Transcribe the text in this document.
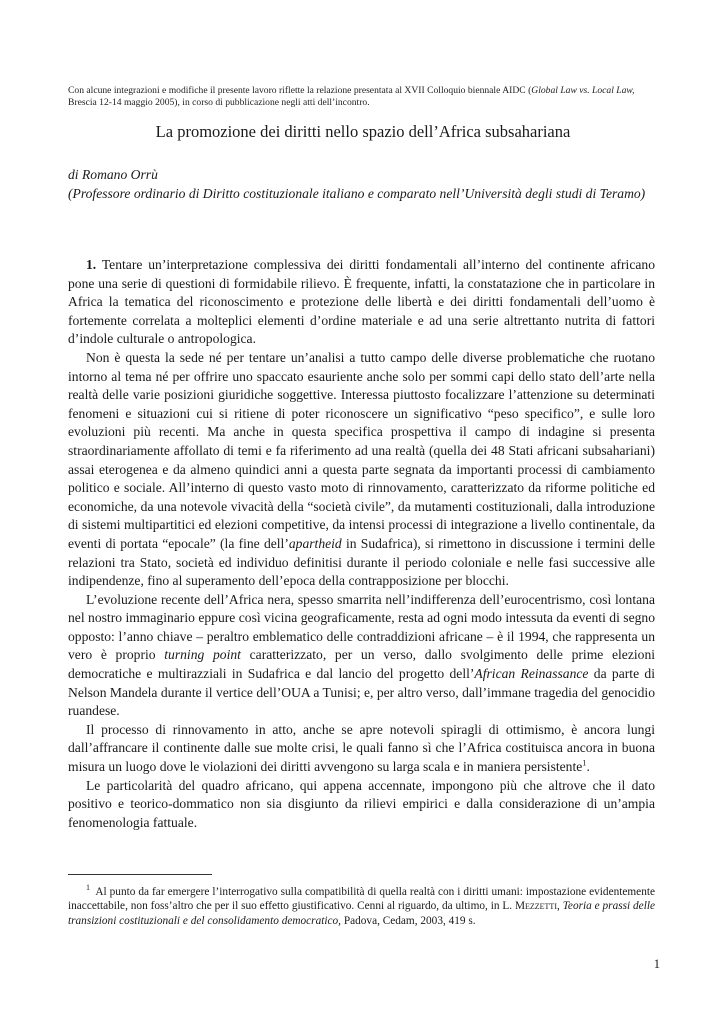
Con alcune integrazioni e modifiche il presente lavoro riflette la relazione presentata al XVII Colloquio biennale AIDC (Global Law vs. Local Law, Brescia 12-14 maggio 2005), in corso di pubblicazione negli atti dell’incontro.
La promozione dei diritti nello spazio dell’Africa subsahariana
di Romano Orrù
(Professore ordinario di Diritto costituzionale italiano e comparato nell’Università degli studi di Teramo)

1. Tentare un’interpretazione complessiva dei diritti fondamentali all’interno del continente africano pone una serie di questioni di formidabile rilievo. È frequente, infatti, la constatazione che in particolare in Africa la tematica del riconoscimento e protezione delle libertà e dei diritti fondamentali dell’uomo è fortemente correlata a molteplici elementi d’ordine materiale e ad una serie altrettanto nutrita di fattori d’indole culturale o antropologica.

Non è questa la sede né per tentare un’analisi a tutto campo delle diverse problematiche che ruotano intorno al tema né per offrire uno spaccato esauriente anche solo per sommi capi dello stato dell’arte nella realtà delle varie posizioni giuridiche soggettive. Interessa piuttosto focalizzare l’attenzione su determinati fenomeni e situazioni cui si ritiene di poter riconoscere un significativo “peso specifico”, e sulle loro evoluzioni più recenti. Ma anche in questa specifica prospettiva il campo di indagine si presenta straordinariamente affollato di temi e fa riferimento ad una realtà (quella dei 48 Stati africani subsahariani) assai eterogenea e da almeno quindici anni a questa parte segnata da importanti processi di cambiamento politico e sociale. All’interno di questo vasto moto di rinnovamento, caratterizzato da riforme politiche ed economiche, da una notevole vivacità della “società civile”, da mutamenti costituzionali, dalla introduzione di sistemi multipartitici ed elezioni competitive, da intensi processi di integrazione a livello continentale, da eventi di portata “epocale” (la fine dell’apartheid in Sudafrica), si rimettono in discussione i termini delle relazioni tra Stato, società ed individuo definitisi durante il periodo coloniale e nelle fasi successive alle indipendenze, fino al superamento dell’epoca della contrapposizione per blocchi.

L’evoluzione recente dell’Africa nera, spesso smarrita nell’indifferenza dell’eurocentrismo, così lontana nel nostro immaginario eppure così vicina geograficamente, resta ad ogni modo intessuta da eventi di segno opposto: l’anno chiave – peraltro emblematico delle contraddizioni africane – è il 1994, che rappresenta un vero è proprio turning point caratterizzato, per un verso, dallo svolgimento delle prime elezioni democratiche e multirazziali in Sudafrica e dal lancio del progetto dell’African Reinassance da parte di Nelson Mandela durante il vertice dell’OUA a Tunisi; e, per altro verso, dall’immane tragedia del genocidio ruandese.

Il processo di rinnovamento in atto, anche se apre notevoli spiragli di ottimismo, è ancora lungi dall’affrancare il continente dalle sue molte crisi, le quali fanno sì che l’Africa costituisca ancora in buona misura un luogo dove le violazioni dei diritti avvengono su larga scala e in maniera persistente$^1$.

Le particolarità del quadro africano, qui appena accennate, impongono più che altrove che il dato positivo e teorico-dommatico non sia disgiunto da rilievi empirici e dalla considerazione di un’ampia fenomenologia fattuale.

$^1$ Al punto da far emergere l’interrogativo sulla compatibilità di quella realtà con i diritti umani: impostazione evidentemente inaccettabile, non foss’altro che per il suo effetto giustificativo. Cenni al riguardo, da ultimo, in L. Mezzetti, Teoria e prassi delle transizioni costituzionali e del consolidamento democratico, Padova, Cedam, 2003, 419 s.
1
